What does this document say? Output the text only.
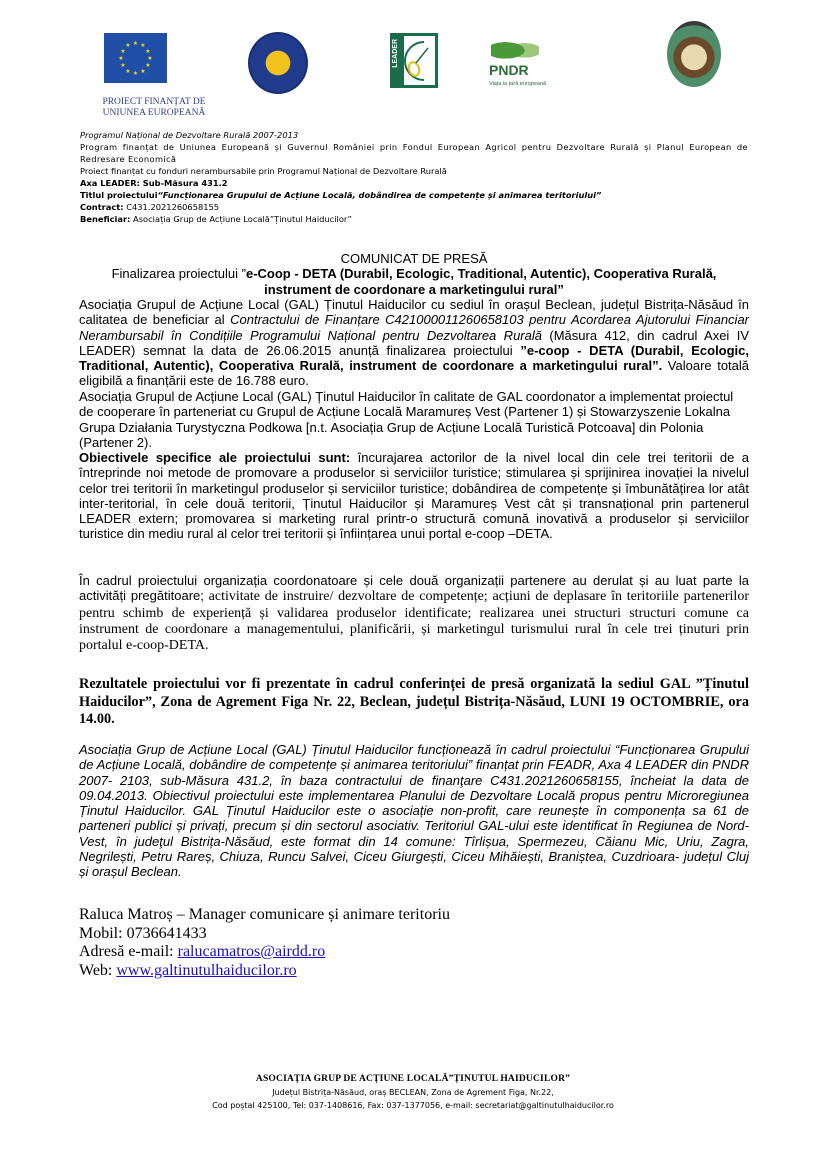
★ ★
★
★
★
★
★
★
★
★
★
★
PROIECT FINANȚAT DE
UNIUNEA EUROPEANĂ
LEADER
PNDR
Viața la țară europeană
Programul Național de Dezvoltare Rurală 2007-2013
Program finanțat de Uniunea Europeană și Guvernul României prin Fondul European Agricol pentru Dezvoltare Rurală și Planul European de Redresare Economică
Proiect finanțat cu fonduri nerambursabile prin Programul Național de Dezvoltare Rurală
Axa LEADER: Sub-Măsura 431.2
Titlul proiectului“Funcționarea Grupului de Acțiune Locală, dobândirea de competențe și animarea teritoriului”
Contract: C431.2021260658155
Beneficiar: Asociația Grup de Acțiune Locală”Ținutul Haiducilor”
COMUNICAT DE PRESĂ
Finalizarea proiectului ”e-Coop - DETA (Durabil, Ecologic, Traditional, Autentic), Cooperativa Rurală, instrument de coordonare a marketingului rural”
Asociația Grupul de Acțiune Local (GAL) Ținutul Haiducilor cu sediul în orașul Beclean, județul Bistrița-Năsăud în calitatea de beneficiar al Contractului de Finanțare C421000011260658103 pentru Acordarea Ajutorului Financiar Nerambursabil în Condițiile Programului Național pentru Dezvoltarea Rurală (Măsura 412, din cadrul Axei IV LEADER) semnat la data de 26.06.2015 anunță finalizarea proiectului ”e-coop - DETA (Durabil, Ecologic, Traditional, Autentic), Cooperativa Rurală, instrument de coordonare a marketingului rural”. Valoare totală eligibilă a finanțării este de 16.788 euro.
Asociația Grupul de Acțiune Local (GAL) Ținutul Haiducilor în calitate de GAL coordonator a implementat proiectul de cooperare în parteneriat cu Grupul de Acțiune Locală Maramureș Vest (Partener 1) și Stowarzyszenie Lokalna Grupa Działania Turystyczna Podkowa [n.t. Asociația Grup de Acțiune Locală Turistică Potcoava] din Polonia (Partener 2).
Obiectivele specifice ale proiectului sunt: încurajarea actorilor de la nivel local din cele trei teritorii de a întreprinde noi metode de promovare a produselor si serviciilor turistice; stimularea și sprijinirea inovației la nivelul celor trei teritorii în marketingul produselor și serviciilor turistice; dobândirea de competențe și îmbunătățirea lor atât inter-teritorial, în cele două teritorii, Ținutul Haiducilor și Maramureș Vest cât și transnațional prin partenerul LEADER extern; promovarea si marketing rural printr-o structură comună inovativă a produselor și serviciilor turistice din mediu rural al celor trei teritorii și înființarea unui portal e-coop –DETA.
În cadrul proiectului organizația coordonatoare și cele două organizații partenere au derulat și au luat parte la activități pregătitoare; activitate de instruire/ dezvoltare de competențe; acțiuni de deplasare în teritoriile partenerilor pentru schimb de experiență și validarea produselor identificate; realizarea unei structuri structuri comune ca instrument de coordonare a managementului, planificării, și marketingul turismului rural în cele trei ținuturi prin portalul e-coop-DETA.
Rezultatele proiectului vor fi prezentate în cadrul conferinței de presă organizată la sediul GAL ”Ținutul Haiducilor”, Zona de Agrement Figa Nr. 22, Beclean, județul Bistrița-Năsăud, LUNI 19 OCTOMBRIE, ora 14.00.
Asociația Grup de Acțiune Local (GAL) Ținutul Haiducilor funcționează în cadrul proiectului “Funcționarea Grupului de Acțiune Locală, dobândire de competențe și animarea teritoriului” finanțat prin FEADR, Axa 4 LEADER din PNDR 2007- 2103, sub-Măsura 431.2, în baza contractului de finanţare C431.2021260658155, încheiat la data de 09.04.2013. Obiectivul proiectului este implementarea Planului de Dezvoltare Locală propus pentru Microregiunea Ținutul Haiducilor. GAL Ținutul Haiducilor este o asociație non-profit, care reunește în componența sa 61 de parteneri publici și privați, precum și din sectorul asociativ. Teritoriul GAL-ului este identificat în Regiunea de Nord-Vest, în judeţul Bistrița-Năsăud, este format din 14 comune: Tîrlișua, Spermezeu, Căianu Mic, Uriu, Zagra, Negrilești, Petru Rareș, Chiuza, Runcu Salvei, Ciceu Giurgești, Ciceu Mihăiești, Braniștea, Cuzdrioara- județul Cluj și orașul Beclean.
Raluca Matroș – Manager comunicare și animare teritoriu
Mobil: 0736641433
Adresă e-mail: ralucamatros@airdd.ro
Web: www.galtinutulhaiducilor.ro
ASOCIAȚIA GRUP DE ACȚIUNE LOCALĂ”ȚINUTUL HAIDUCILOR”
Județul Bistrița-Năsăud, oraș BECLEAN, Zona de Agrement Figa, Nr.22,
Cod poștal 425100, Tel: 037-1408616, Fax: 037-1377056, e-mail: secretariat@galtinutulhaiducilor.ro
